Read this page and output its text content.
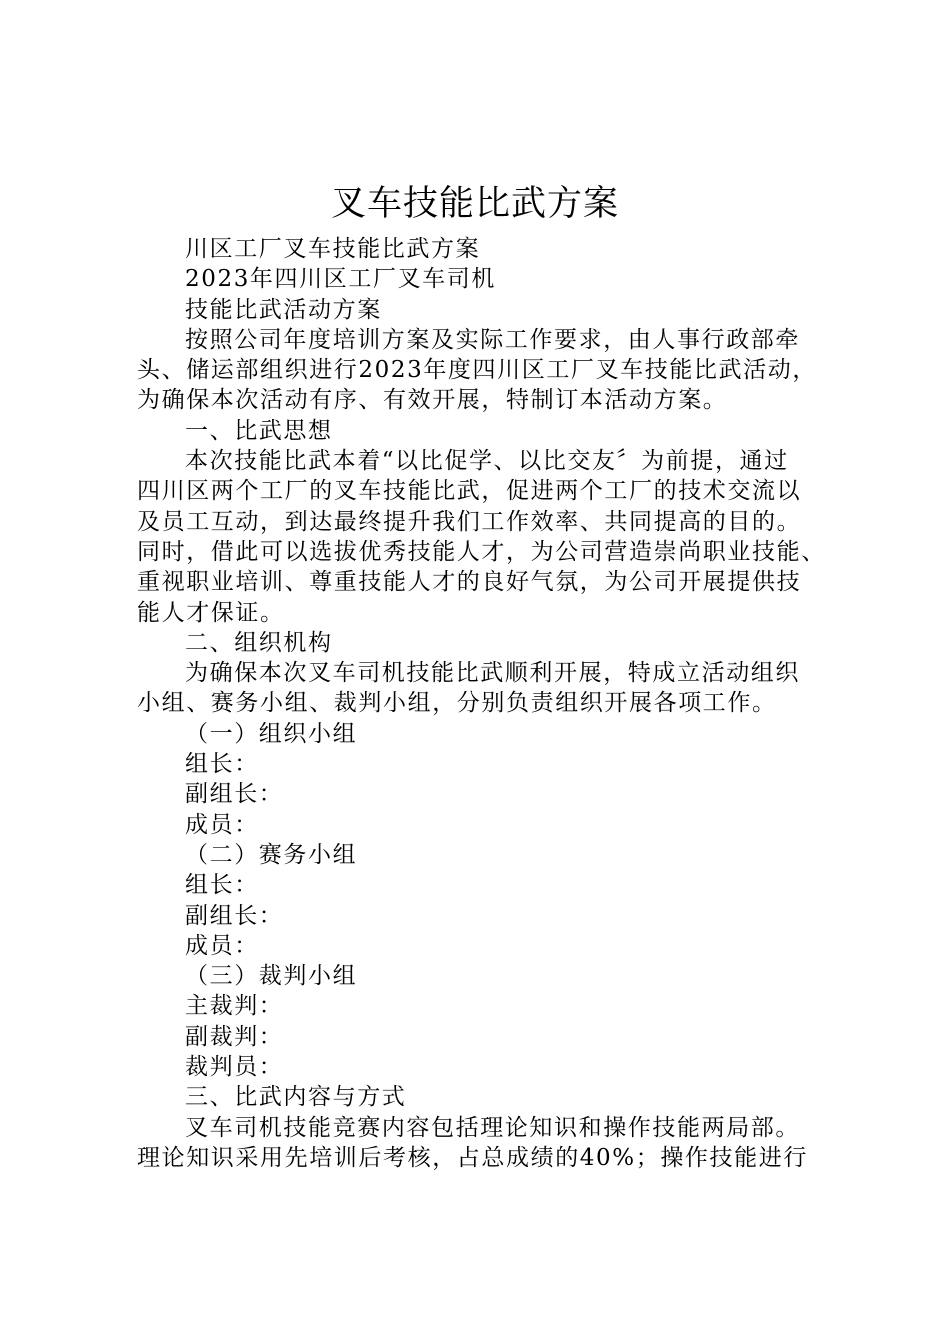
叉车技能比武方案
川区工厂叉车技能比武方案
2023年四川区工厂叉车司机
技能比武活动方案
按照公司年度培训方案及实际工作要求，由人事行政部牵
头、储运部组织进行2023年度四川区工厂叉车技能比武活动，
为确保本次活动有序、有效开展，特制订本活动方案。
一、比武思想
本次技能比武本着“以比促学、以比交友〞为前提，通过
四川区两个工厂的叉车技能比武，促进两个工厂的技术交流以
及员工互动，到达最终提升我们工作效率、共同提高的目的。
同时，借此可以选拔优秀技能人才，为公司营造崇尚职业技能、
重视职业培训、尊重技能人才的良好气氛，为公司开展提供技
能人才保证。
二、组织机构
为确保本次叉车司机技能比武顺利开展，特成立活动组织
小组、赛务小组、裁判小组，分别负责组织开展各项工作。
（一）组织小组
组长：
副组长：
成员：
（二）赛务小组
组长：
副组长：
成员：
（三）裁判小组
主裁判：
副裁判：
裁判员：
三、比武内容与方式
叉车司机技能竞赛内容包括理论知识和操作技能两局部。
理论知识采用先培训后考核，占总成绩的40%；操作技能进行
